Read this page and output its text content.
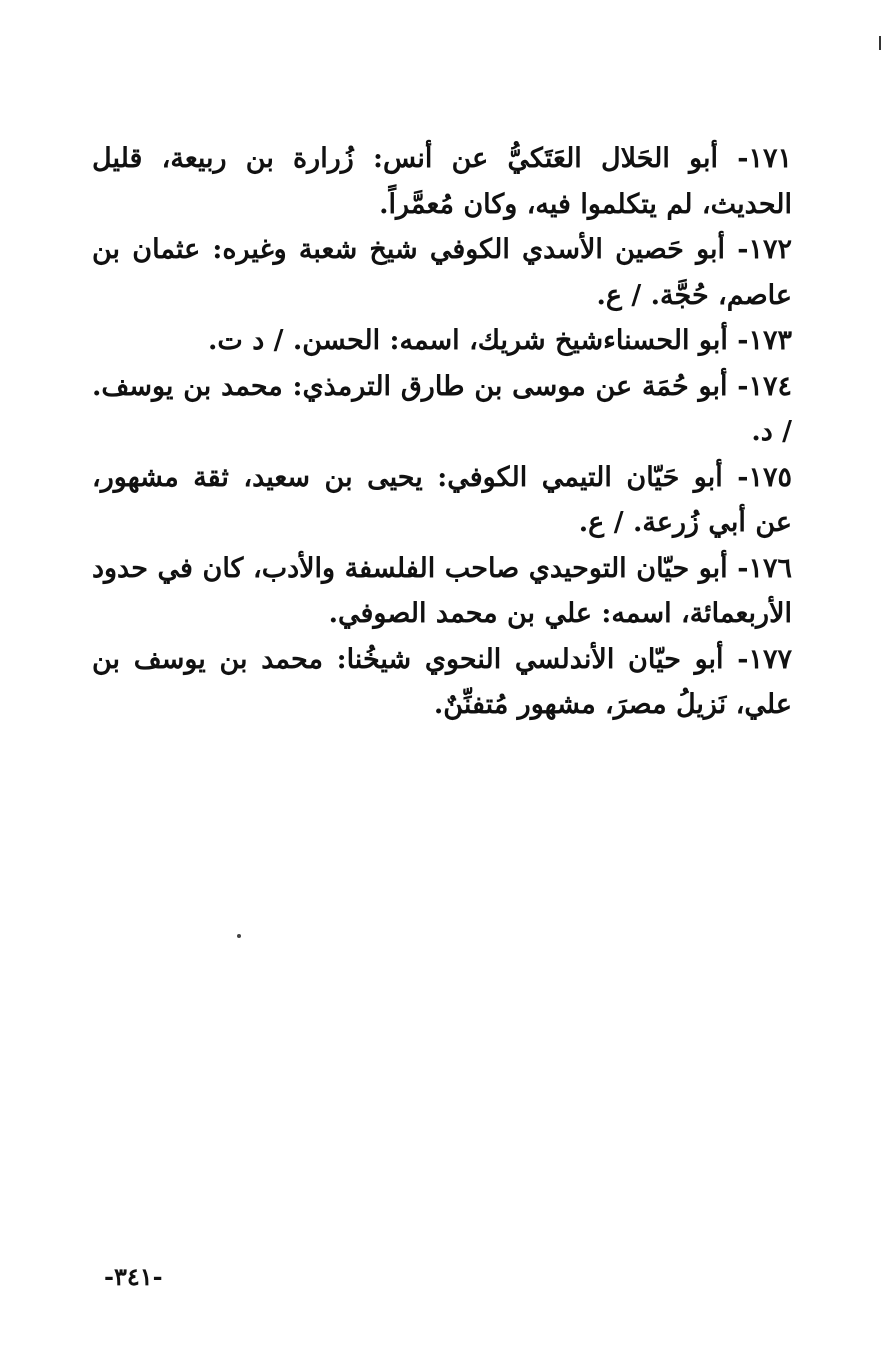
١٧١- أبو الحَلال العَتَكيُّ عن أنس: زُرارة بن ربيعة، قليل الحديث، لم يتكلموا فيه، وكان مُعمَّراً.

١٧٢- أبو حَصين الأسدي الكوفي شيخ شعبة وغيره: عثمان بن عاصم، حُجَّة. / ع.

١٧٣- أبو الحسناءشيخ شريك، اسمه: الحسن. / د ت.

١٧٤- أبو حُمَة عن موسى بن طارق الترمذي: محمد بن يوسف. / د.

١٧٥- أبو حَيّان التيمي الكوفي: يحيى بن سعيد، ثقة مشهور، عن أبي زُرعة. / ع.

١٧٦- أبو حيّان التوحيدي صاحب الفلسفة والأدب، كان في حدود الأربعمائة، اسمه: علي بن محمد الصوفي.

١٧٧- أبو حيّان الأندلسي النحوي شيخُنا: محمد بن يوسف بن علي، نَزيلُ مصرَ، مشهور مُتفنِّنٌ.

-٣٤١-
